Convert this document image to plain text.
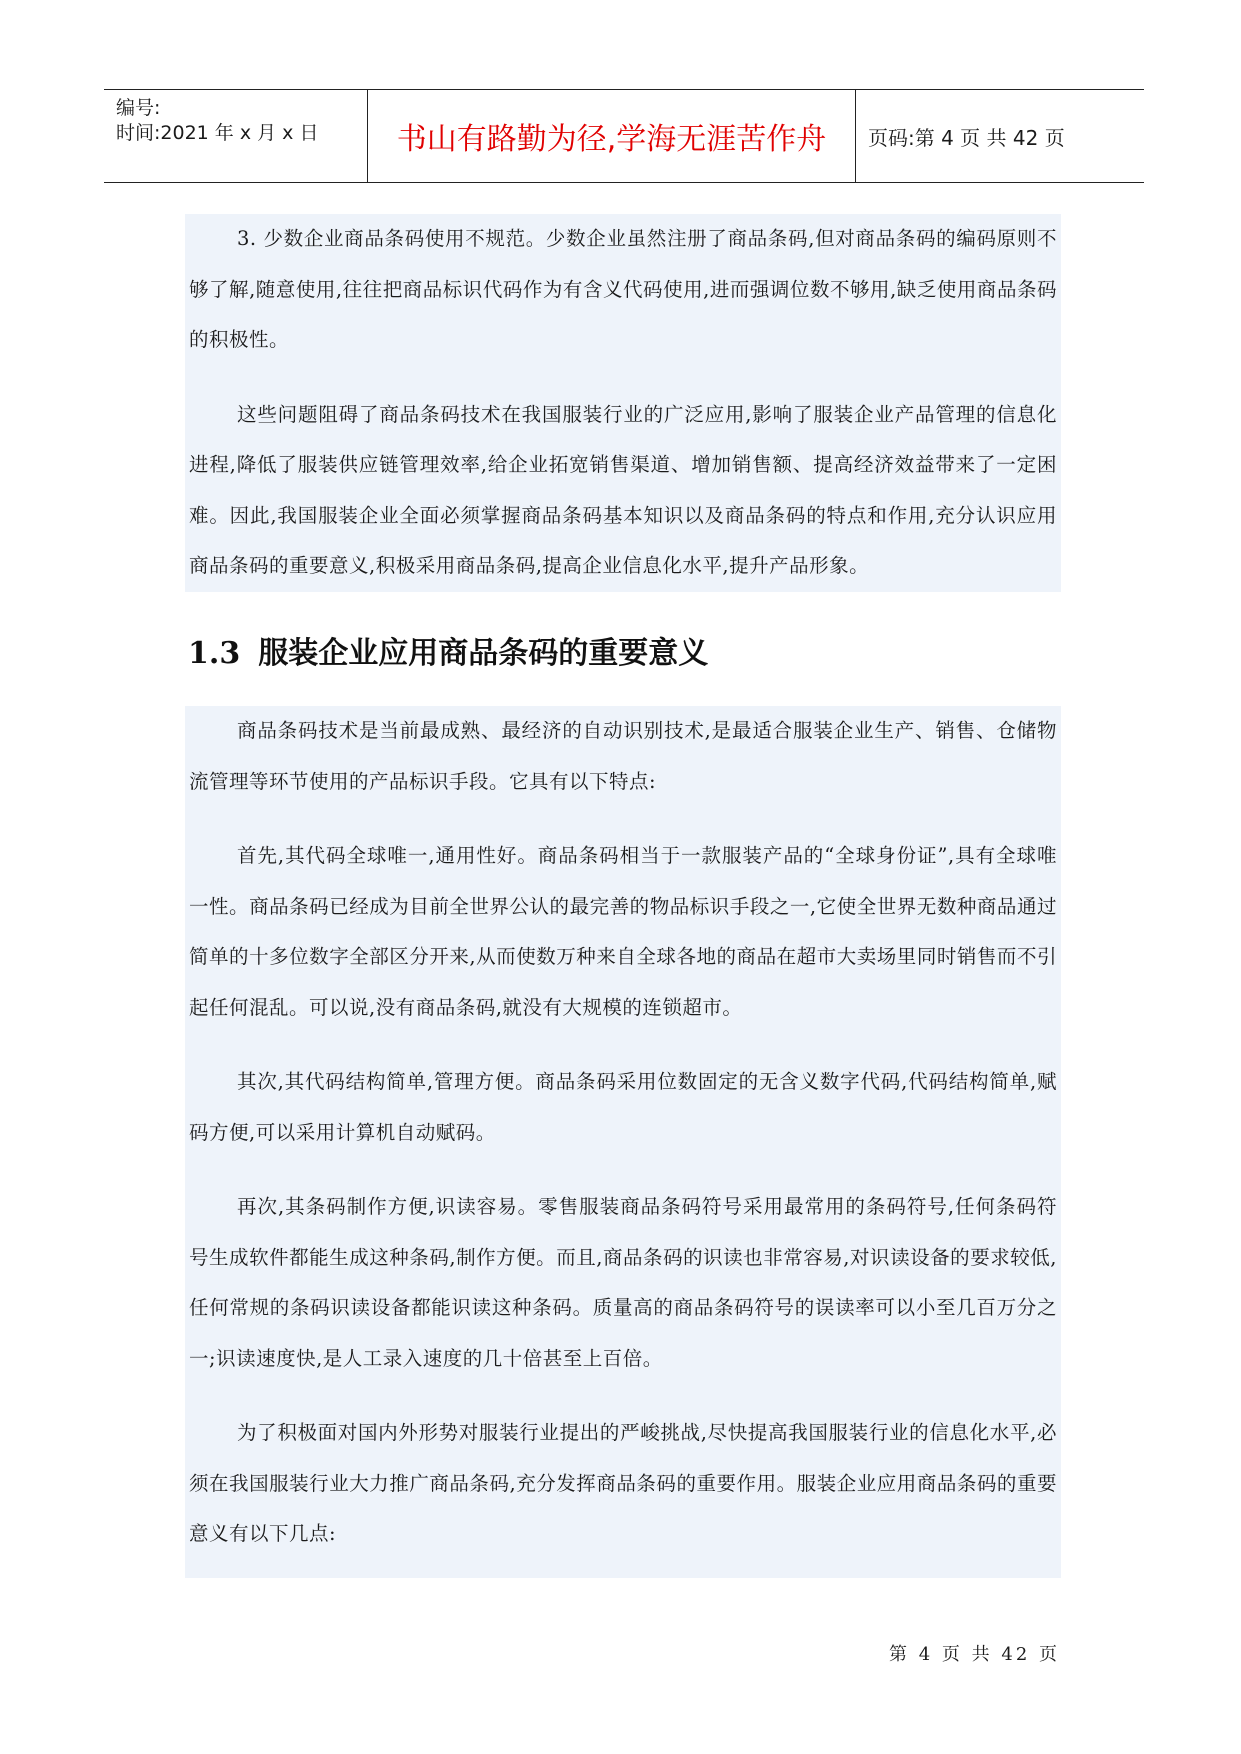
编号:
时间:2021 年 x 月 x 日	书山有路勤为径,学海无涯苦作舟	页码:第 4 页 共 42 页

3. 少数企业商品条码使用不规范。少数企业虽然注册了商品条码,但对商品条码的编码原则不够了解,随意使用,往往把商品标识代码作为有含义代码使用,进而强调位数不够用,缺乏使用商品条码的积极性。

这些问题阻碍了商品条码技术在我国服装行业的广泛应用,影响了服装企业产品管理的信息化进程,降低了服装供应链管理效率,给企业拓宽销售渠道、增加销售额、提高经济效益带来了一定困难。因此,我国服装企业全面必须掌握商品条码基本知识以及商品条码的特点和作用,充分认识应用商品条码的重要意义,积极采用商品条码,提高企业信息化水平,提升产品形象。

1.3 服装企业应用商品条码的重要意义

商品条码技术是当前最成熟、最经济的自动识别技术,是最适合服装企业生产、销售、仓储物流管理等环节使用的产品标识手段。它具有以下特点:

首先,其代码全球唯一,通用性好。商品条码相当于一款服装产品的“全球身份证”,具有全球唯一性。商品条码已经成为目前全世界公认的最完善的物品标识手段之一,它使全世界无数种商品通过简单的十多位数字全部区分开来,从而使数万种来自全球各地的商品在超市大卖场里同时销售而不引起任何混乱。可以说,没有商品条码,就没有大规模的连锁超市。

其次,其代码结构简单,管理方便。商品条码采用位数固定的无含义数字代码,代码结构简单,赋码方便,可以采用计算机自动赋码。

再次,其条码制作方便,识读容易。零售服装商品条码符号采用最常用的条码符号,任何条码符号生成软件都能生成这种条码,制作方便。而且,商品条码的识读也非常容易,对识读设备的要求较低,任何常规的条码识读设备都能识读这种条码。质量高的商品条码符号的误读率可以小至几百万分之一;识读速度快,是人工录入速度的几十倍甚至上百倍。

为了积极面对国内外形势对服装行业提出的严峻挑战,尽快提高我国服装行业的信息化水平,必须在我国服装行业大力推广商品条码,充分发挥商品条码的重要作用。服装企业应用商品条码的重要意义有以下几点:

第 4 页 共 42 页
